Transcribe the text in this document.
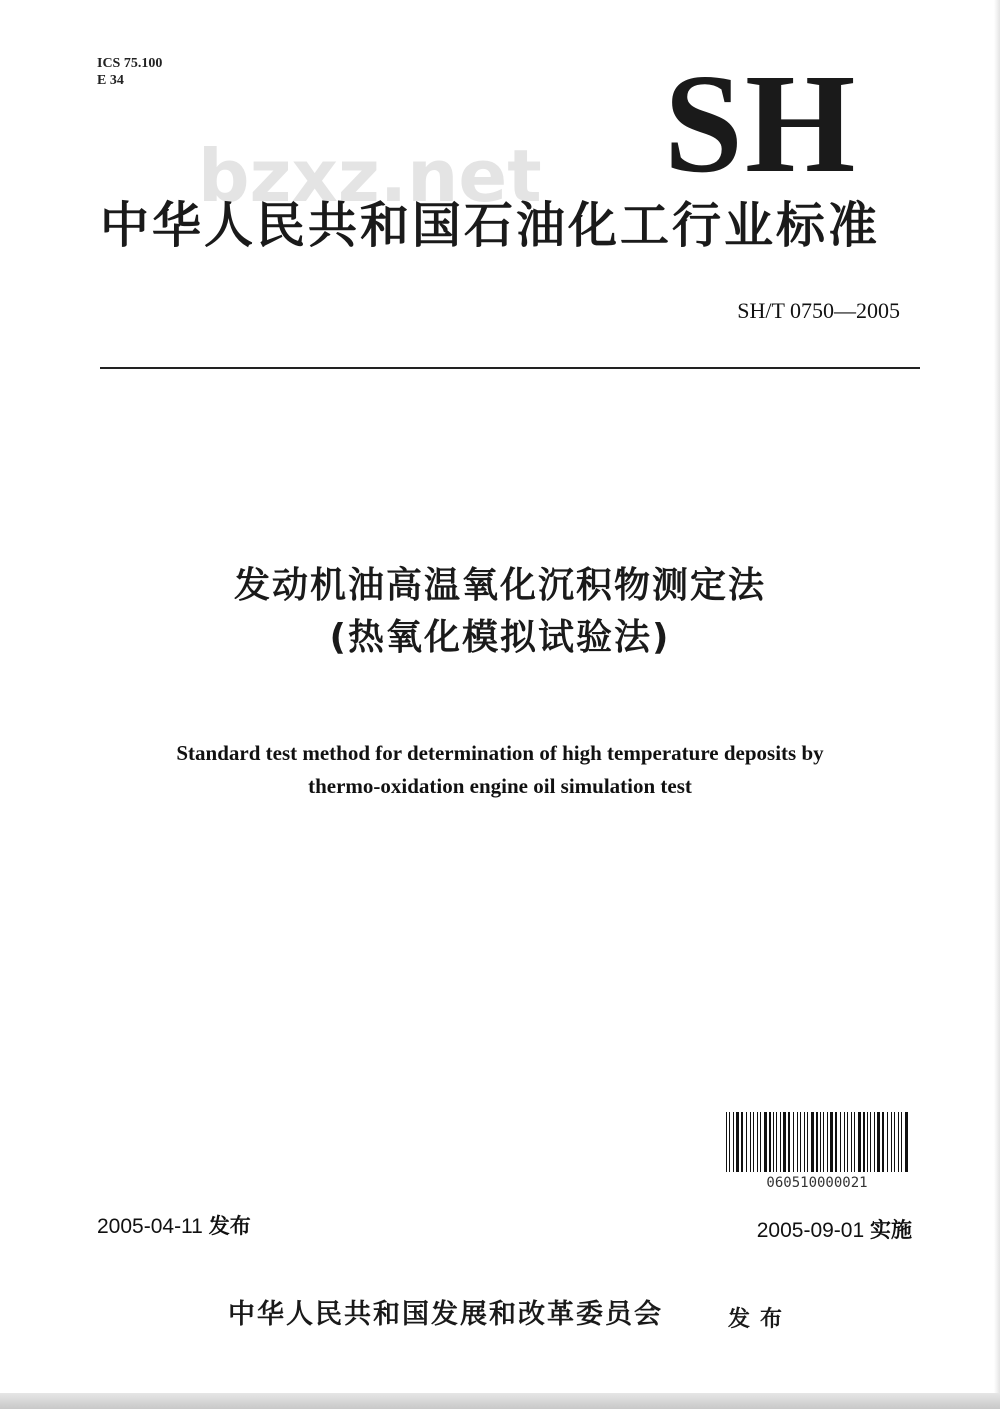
ICS 75.100
E 34
bzxz.net SH
中华人民共和国石油化工行业标准
SH/T 0750—2005
发动机油高温氧化沉积物测定法
(热氧化模拟试验法)
Standard test method for determination of high temperature deposits by
thermo-oxidation engine oil simulation test
060510000021
2005-04-11 发布	2005-09-01 实施
中华人民共和国发展和改革委员会	发布
